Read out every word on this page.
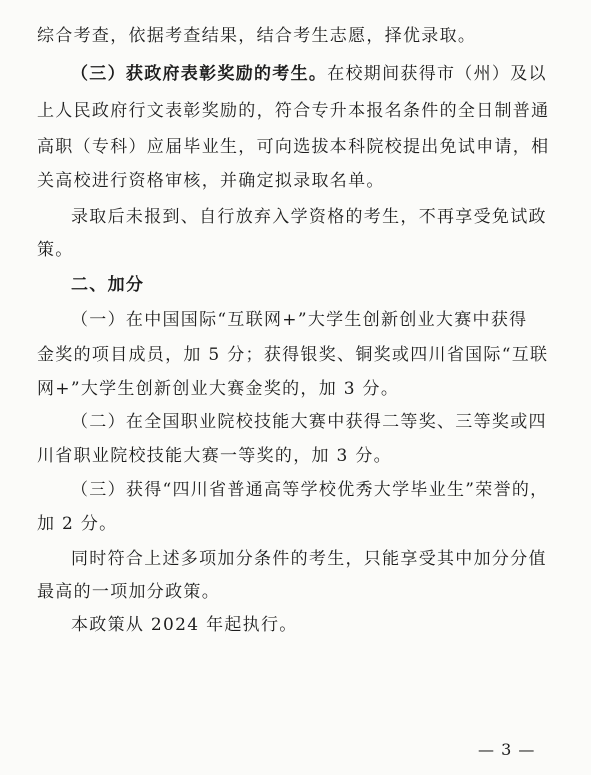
综合考查，依据考查结果，结合考生志愿，择优录取。
（三）获政府表彰奖励的考生。在校期间获得市（州）及以
上人民政府行文表彰奖励的，符合专升本报名条件的全日制普通
高职（专科）应届毕业生，可向选拔本科院校提出免试申请，相
关高校进行资格审核，并确定拟录取名单。
录取后未报到、自行放弃入学资格的考生，不再享受免试政
策。
二、加分
（一）在中国国际“互联网+”大学生创新创业大赛中获得
金奖的项目成员，加 5 分；获得银奖、铜奖或四川省国际“互联
网+”大学生创新创业大赛金奖的，加 3 分。
（二）在全国职业院校技能大赛中获得二等奖、三等奖或四
川省职业院校技能大赛一等奖的，加 3 分。
（三）获得“四川省普通高等学校优秀大学毕业生”荣誉的，
加 2 分。
同时符合上述多项加分条件的考生，只能享受其中加分分值
最高的一项加分政策。
本政策从 2024 年起执行。
— 3 —
